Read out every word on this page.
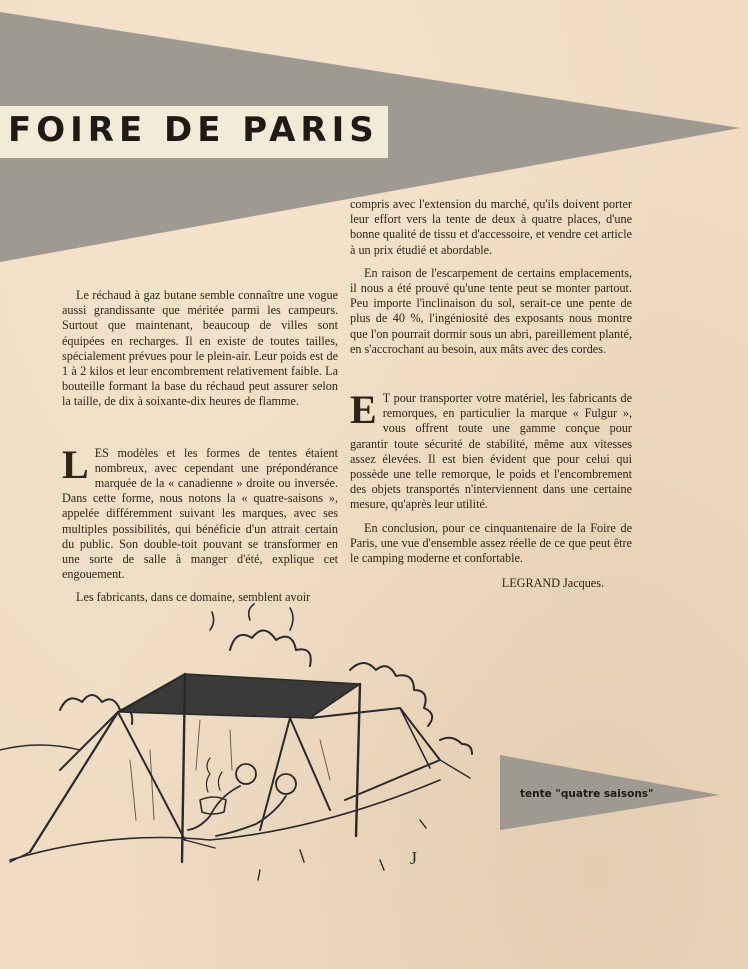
FOIRE DE PARIS

Le réchaud à gaz butane semble connaître une vogue aussi grandissante que méritée parmi les campeurs. Surtout que maintenant, beaucoup de villes sont équipées en recharges. Il en existe de toutes tailles, spécialement prévues pour le plein-air. Leur poids est de 1 à 2 kilos et leur encombrement relativement faible. La bouteille formant la base du réchaud peut assurer selon la taille, de dix à soixante-dix heures de flamme.

LES modèles et les formes de tentes étaient nombreux, avec cependant une prépondérance marquée de la « canadienne » droite ou inversée. Dans cette forme, nous notons la « quatre-saisons », appelée différemment suivant les marques, avec ses multiples possibilités, qui bénéficie d'un attrait certain du public. Son double-toit pouvant se transformer en une sorte de salle à manger d'été, explique cet engouement.

Les fabricants, dans ce domaine, semblent avoir

compris avec l'extension du marché, qu'ils doivent porter leur effort vers la tente de deux à quatre places, d'une bonne qualité de tissu et d'accessoire, et vendre cet article à un prix étudié et abordable.

En raison de l'escarpement de certains emplacements, il nous a été prouvé qu'une tente peut se monter partout. Peu importe l'inclinaison du sol, serait-ce une pente de plus de 40 %, l'ingéniosité des exposants nous montre que l'on pourrait dormir sous un abri, pareillement planté, en s'accrochant au besoin, aux mâts avec des cordes.

E T pour transporter votre matériel, les fabricants de remorques, en particulier la marque « Fulgur », vous offrent toute une gamme conçue pour garantir toute sécurité de stabilité, même aux vitesses assez élevées. Il est bien évident que pour celui qui possède une telle remorque, le poids et l'encombrement des objets transportés n'interviennent dans une certaine mesure, qu'après leur utilité.

En conclusion, pour ce cinquantenaire de la Foire de Paris, une vue d'ensemble assez réelle de ce que peut être le camping moderne et confortable.

LEGRAND Jacques.

J
tente "quatre saisons"
